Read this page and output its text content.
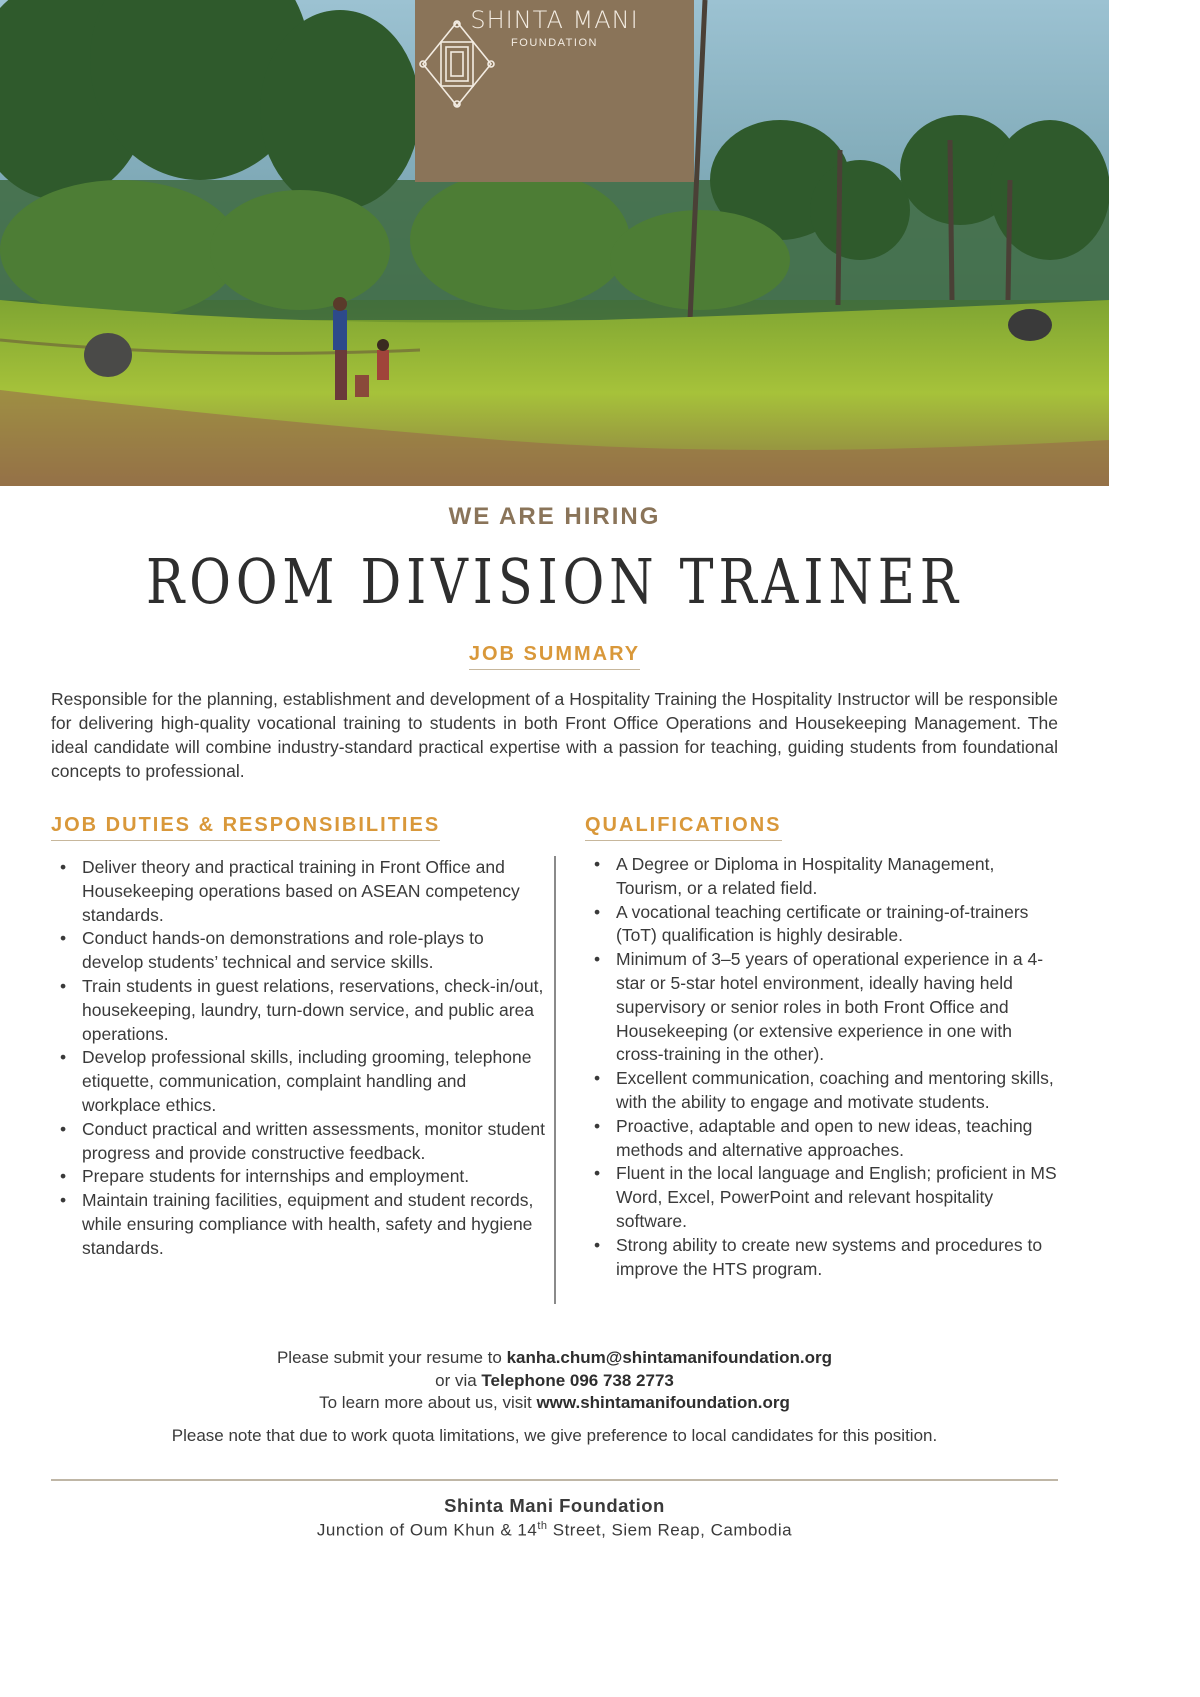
SHINTA MANI
FOUNDATION
WE ARE HIRING
ROOM DIVISION TRAINER
JOB SUMMARY

Responsible for the planning, establishment and development of a Hospitality Training the Hospitality Instructor will be responsible for delivering high-quality vocational training to students in both Front Office Operations and Housekeeping Management. The ideal candidate will combine industry-standard practical expertise with a passion for teaching, guiding students from foundational concepts to professional.

JOB DUTIES & RESPONSIBILITIES	QUALIFICATIONS
• Deliver theory and practical training in Front Office and Housekeeping operations based on ASEAN competency standards.
• Conduct hands-on demonstrations and role-plays to develop students’ technical and service skills.
• Train students in guest relations, reservations, check-in/out, housekeeping, laundry, turn-down service, and public area operations.
• Develop professional skills, including grooming, telephone etiquette, communication, complaint handling and workplace ethics.
• Conduct practical and written assessments, monitor student progress and provide constructive feedback.
• Prepare students for internships and employment.
• Maintain training facilities, equipment and student records, while ensuring compliance with health, safety and hygiene standards.
• A Degree or Diploma in Hospitality Management, Tourism, or a related field.
• A vocational teaching certificate or training-of-trainers (ToT) qualification is highly desirable.
• Minimum of 3–5 years of operational experience in a 4-star or 5-star hotel environment, ideally having held supervisory or senior roles in both Front Office and Housekeeping (or extensive experience in one with cross-training in the other).
• Excellent communication, coaching and mentoring skills, with the ability to engage and motivate students.
• Proactive, adaptable and open to new ideas, teaching methods and alternative approaches.
• Fluent in the local language and English; proficient in MS Word, Excel, PowerPoint and relevant hospitality software.
• Strong ability to create new systems and procedures to improve the HTS program.
Please submit your resume to kanha.chum@shintamanifoundation.org
or via Telephone 096 738 2773
To learn more about us, visit www.shintamanifoundation.org
Please note that due to work quota limitations, we give preference to local candidates for this position.
Shinta Mani Foundation
Junction of Oum Khun & 14th Street, Siem Reap, Cambodia
